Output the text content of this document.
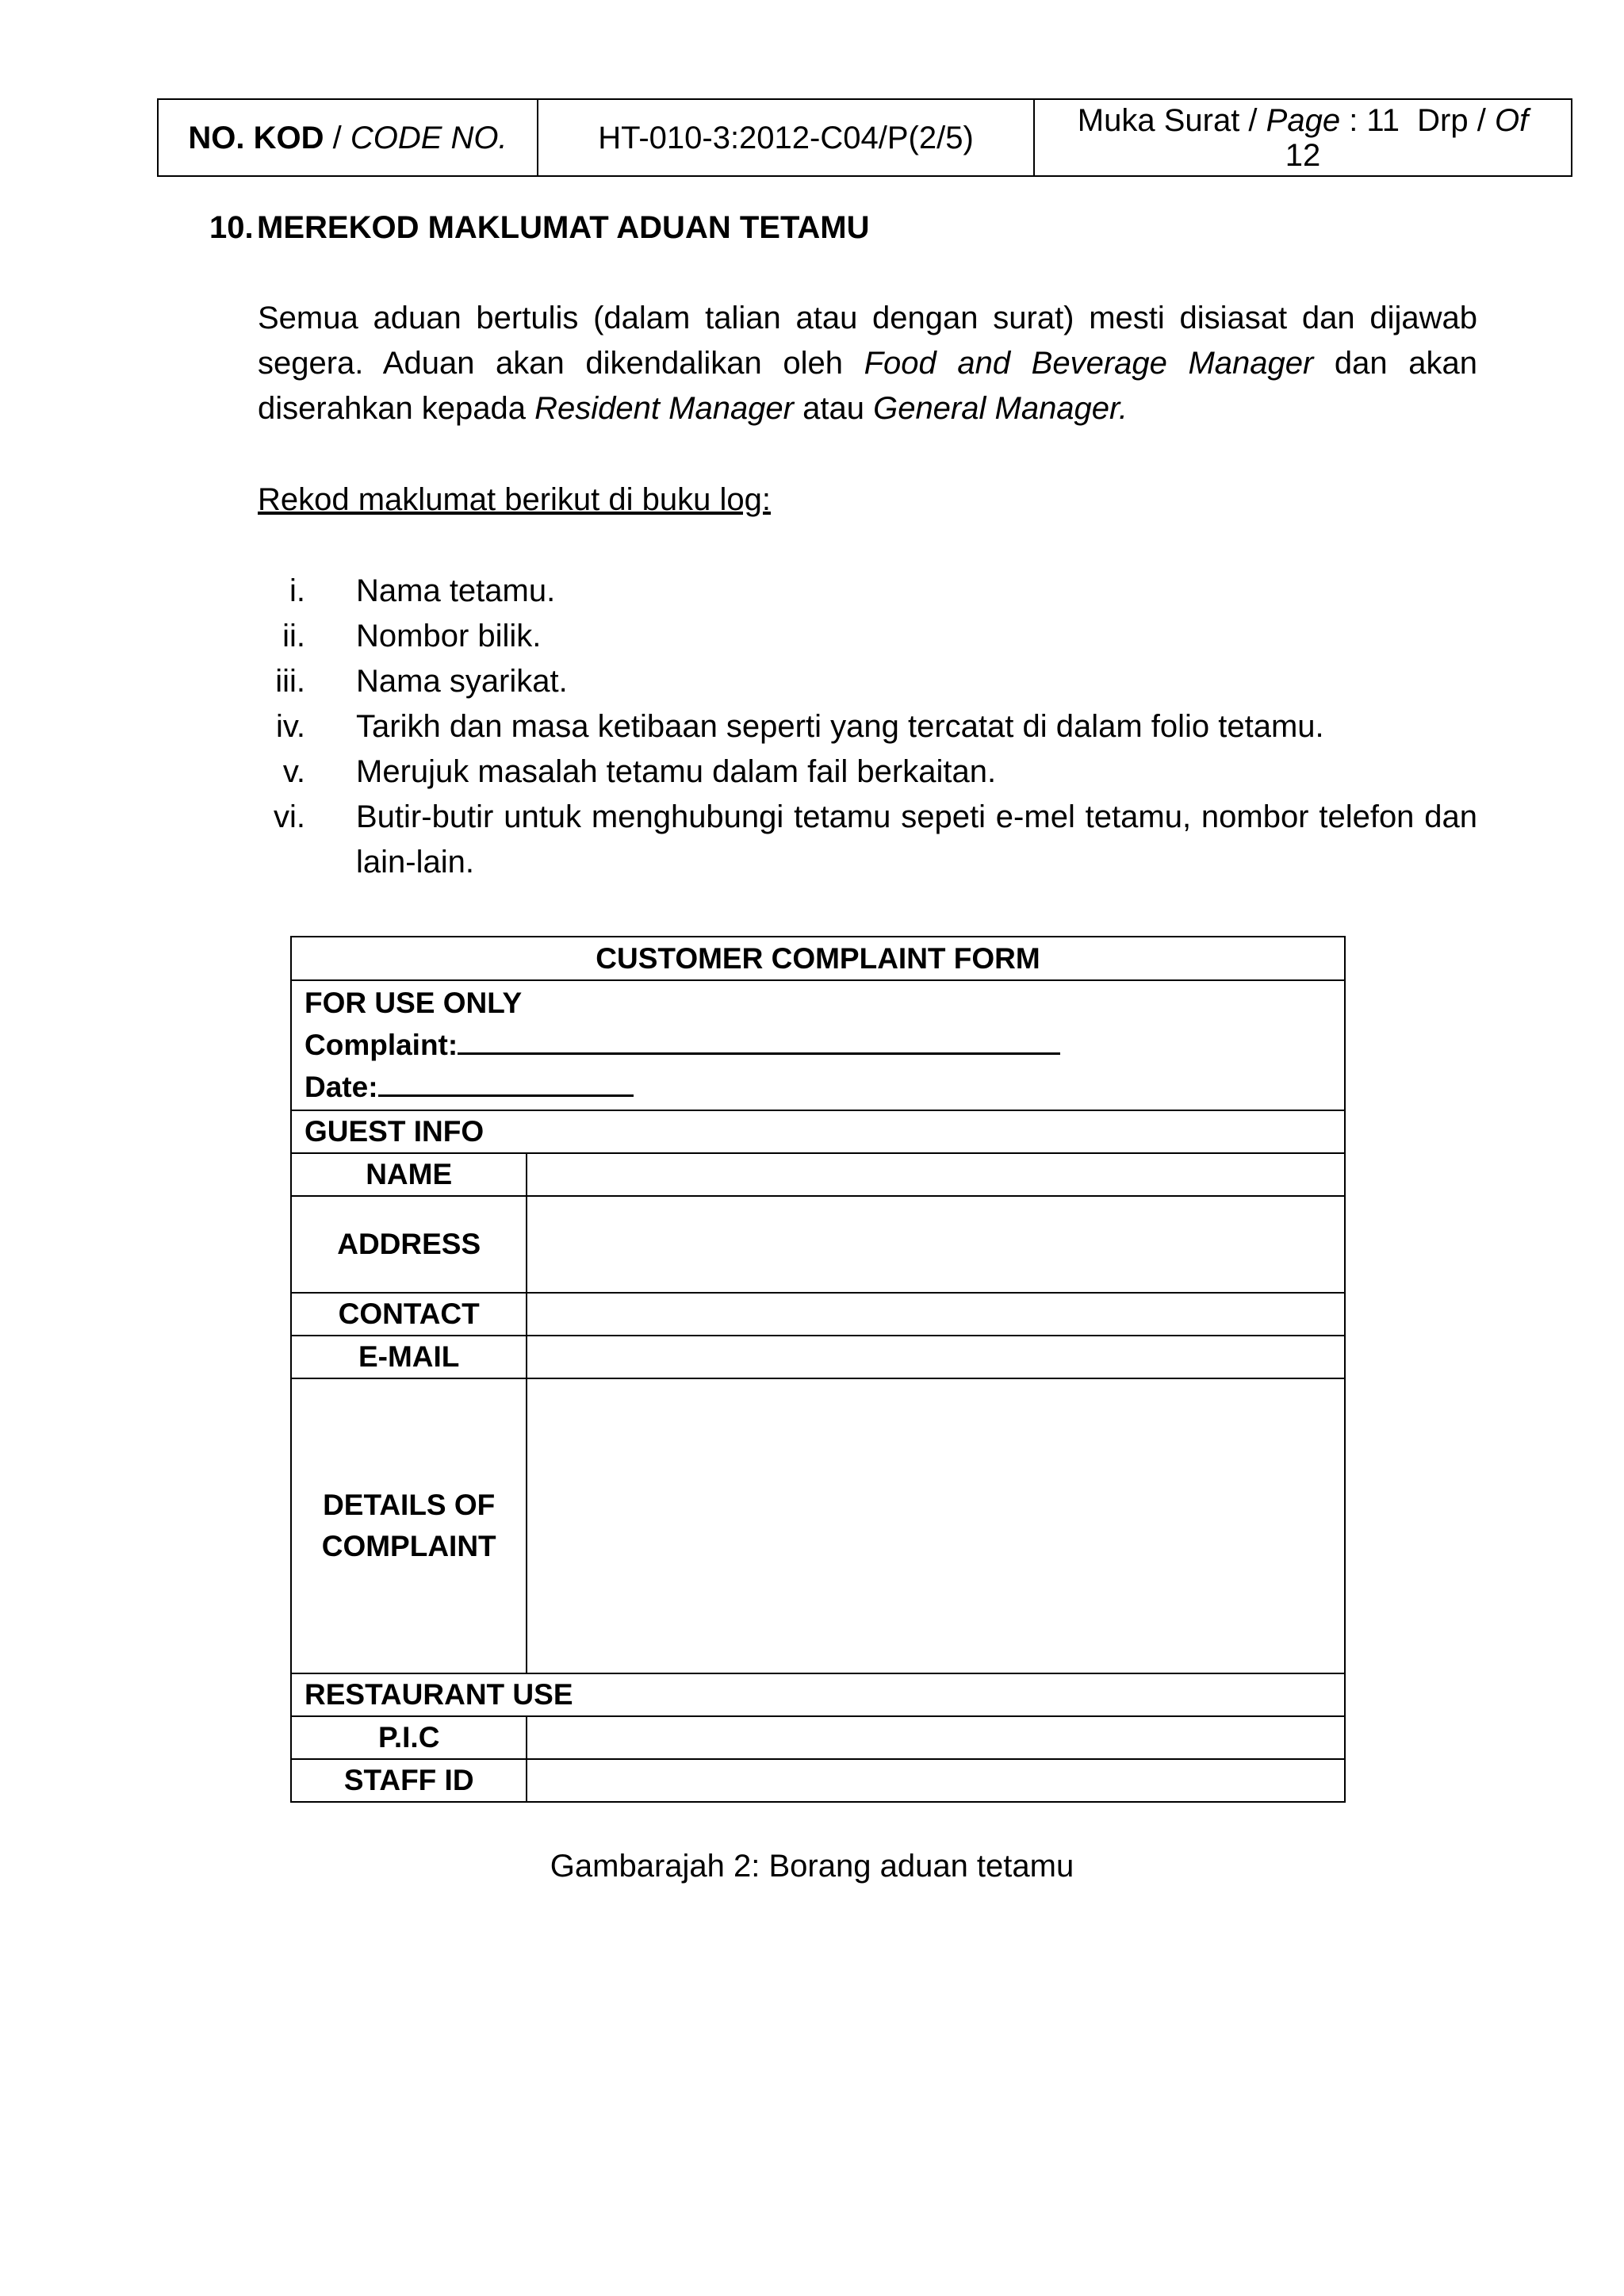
NO. KOD / CODE NO.	HT-010-3:2012-C04/P(2/5)	Muka Surat / Page : 11  Drp / Of
12
10. MEREKOD MAKLUMAT ADUAN TETAMU
Semua aduan bertulis (dalam talian atau dengan surat) mesti disiasat dan dijawab segera. Aduan akan dikendalikan oleh Food and Beverage Manager dan akan diserahkan kepada Resident Manager atau General Manager.
Rekod maklumat berikut di buku log:
i. Nama tetamu.
ii. Nombor bilik.
iii. Nama syarikat.
iv. Tarikh dan masa ketibaan seperti yang tercatat di dalam folio tetamu.
v. Merujuk masalah tetamu dalam fail berkaitan.
vi. Butir-butir untuk menghubungi tetamu sepeti e-mel tetamu, nombor telefon dan lain-lain.
CUSTOMER COMPLAINT FORM	

FOR USE ONLY
Complaint:
Date:	

GUEST INFO	
NAME	
ADDRESS	
CONTACT	
E-MAIL	

DETAILS OF
COMPLAINT	

RESTAURANT USE	
P.I.C	
STAFF ID	
Gambarajah 2: Borang aduan tetamu
